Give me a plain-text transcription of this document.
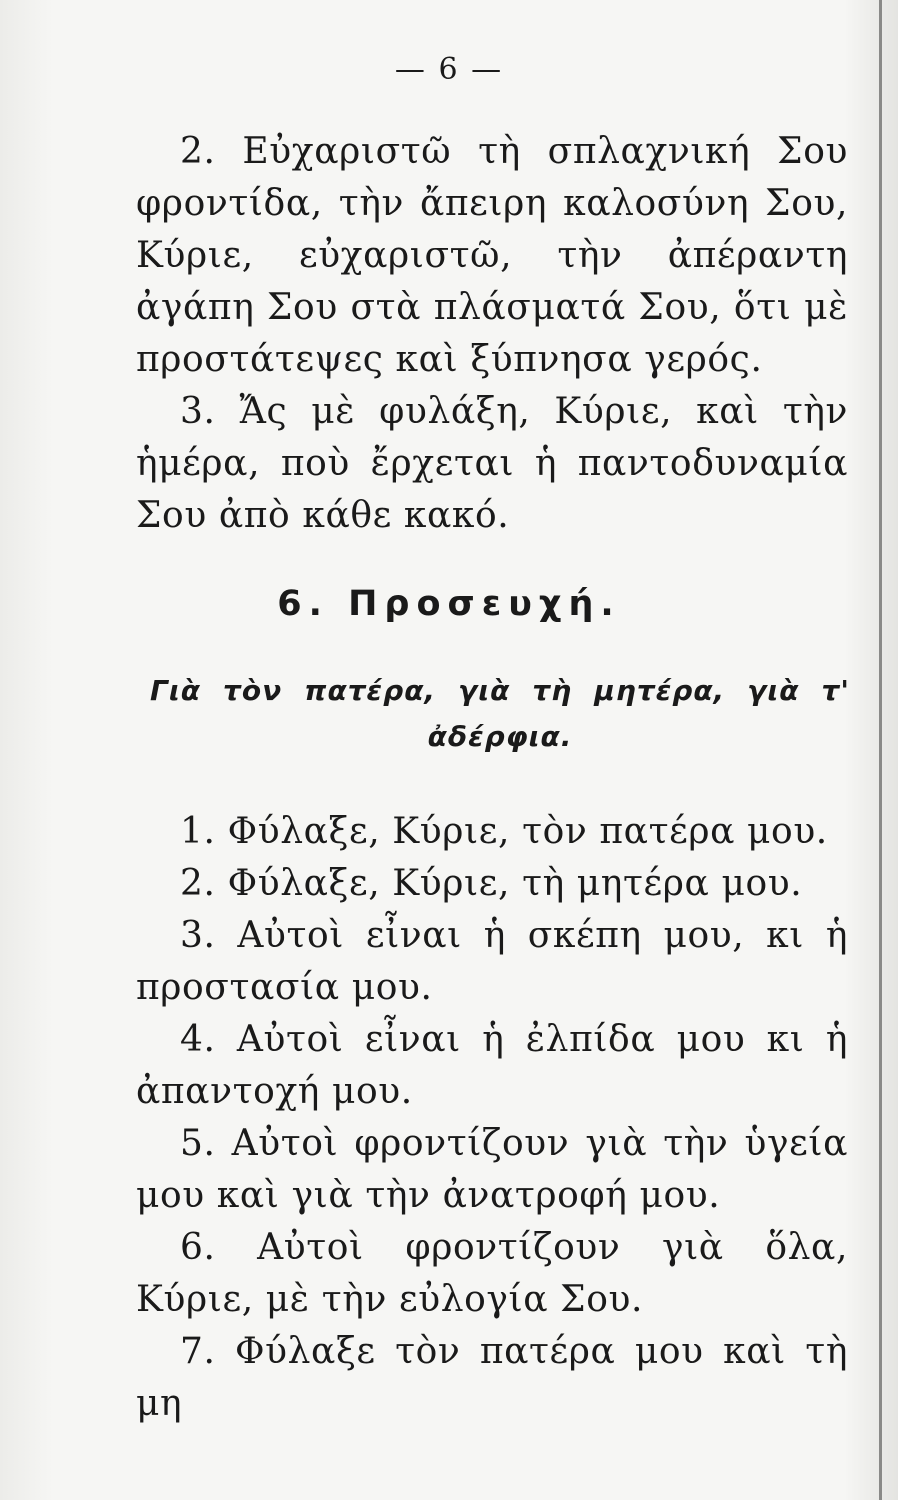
— 6 —

2. Εὐχαριστῶ τὴ σπλαχνική Σου φροντίδα, τὴν ἄπειρη καλοσύνη Σου, Κύριε, εὐχαριστῶ, τὴν ἀπέραντη ἀγάπη Σου στὰ πλάσματά Σου, ὅτι μὲ προστάτεψες καὶ ξύπνησα γερός.

3. Ἄς μὲ φυλάξη, Κύριε, καὶ τὴν ἡμέρα, ποὺ ἔρχεται ἡ παντοδυναμία Σου ἀπὸ κάθε κακό.

6. Προσευχή.
Γιὰ τὸν πατέρα, γιὰ τὴ μητέρα, γιὰ τ' ἀδέρφια.

1. Φύλαξε, Κύριε, τὸν πατέρα μου.

2. Φύλαξε, Κύριε, τὴ μητέρα μου.

3. Αὐτοὶ εἶναι ἡ σκέπη μου, κι ἡ προστασία μου.

4. Αὐτοὶ εἶναι ἡ ἐλπίδα μου κι ἡ ἀπαντοχή μου.

5. Αὐτοὶ φροντίζουν γιὰ τὴν ὑγεία μου καὶ γιὰ τὴν ἀνατροφή μου.

6. Αὐτοὶ φροντίζουν γιὰ ὅλα, Κύριε, μὲ τὴν εὐλογία Σου.

7. Φύλαξε τὸν πατέρα μου καὶ τὴ μη
